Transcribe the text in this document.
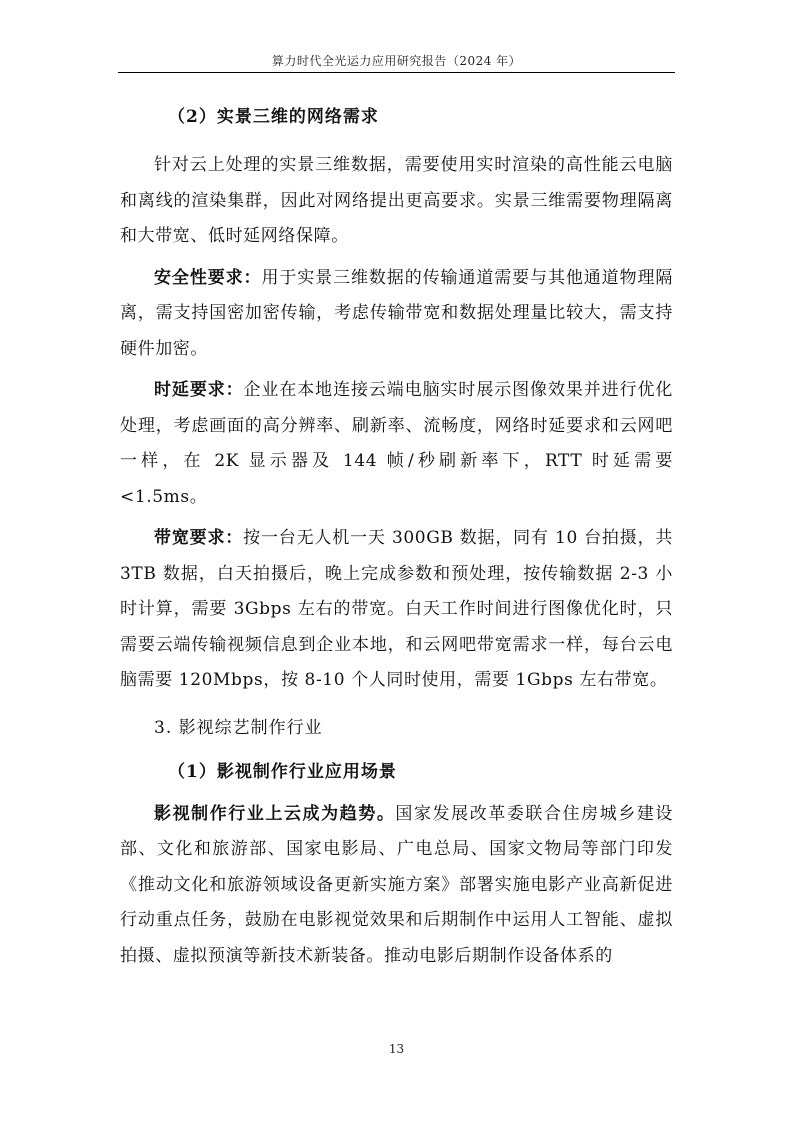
算力时代全光运力应用研究报告（2024 年）
（2）实景三维的网络需求

针对云上处理的实景三维数据，需要使用实时渲染的高性能云电脑和离线的渲染集群，因此对网络提出更高要求。实景三维需要物理隔离和大带宽、低时延网络保障。

安全性要求：用于实景三维数据的传输通道需要与其他通道物理隔离，需支持国密加密传输，考虑传输带宽和数据处理量比较大，需支持硬件加密。

时延要求：企业在本地连接云端电脑实时展示图像效果并进行优化处理，考虑画面的高分辨率、刷新率、流畅度，网络时延要求和云网吧一样，在 2K 显示器及 144 帧/秒刷新率下，RTT 时延需要<1.5ms。

带宽要求：按一台无人机一天 300GB 数据，同有 10 台拍摄，共 3TB 数据，白天拍摄后，晚上完成参数和预处理，按传输数据 2-3 小时计算，需要 3Gbps 左右的带宽。白天工作时间进行图像优化时，只需要云端传输视频信息到企业本地，和云网吧带宽需求一样，每台云电脑需要 120Mbps，按 8-10 个人同时使用，需要 1Gbps 左右带宽。

3. 影视综艺制作行业
（1）影视制作行业应用场景

影视制作行业上云成为趋势。国家发展改革委联合住房城乡建设部、文化和旅游部、国家电影局、广电总局、国家文物局等部门印发《推动文化和旅游领域设备更新实施方案》部署实施电影产业高新促进行动重点任务，鼓励在电影视觉效果和后期制作中运用人工智能、虚拟拍摄、虚拟预演等新技术新装备。推动电影后期制作设备体系的

13
